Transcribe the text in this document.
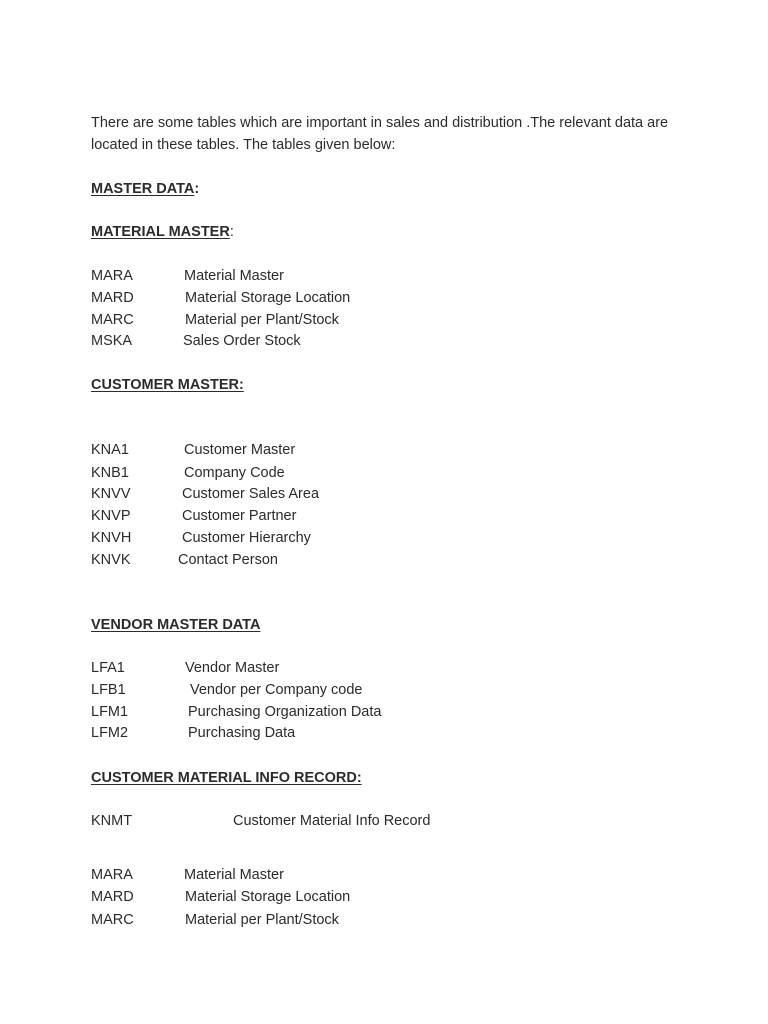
There are some tables which are important in sales and distribution .The relevant data are located in these tables. The tables given below:

MASTER DATA:

MATERIAL MASTER:

MARA	Material Master
MARD	Material Storage Location
MARC	Material per Plant/Stock
MSKA	Sales Order Stock

CUSTOMER MASTER:

KNA1	Customer Master
KNB1	Company Code
KNVV	Customer Sales Area
KNVP	Customer Partner
KNVH	Customer Hierarchy
KNVK	Contact Person

VENDOR MASTER DATA

LFA1	Vendor Master
LFB1	Vendor per Company code
LFM1	Purchasing Organization Data
LFM2	Purchasing Data

CUSTOMER MATERIAL INFO RECORD:

KNMT	Customer Material Info Record
MARA	Material Master
MARD	Material Storage Location
MARC	Material per Plant/Stock
